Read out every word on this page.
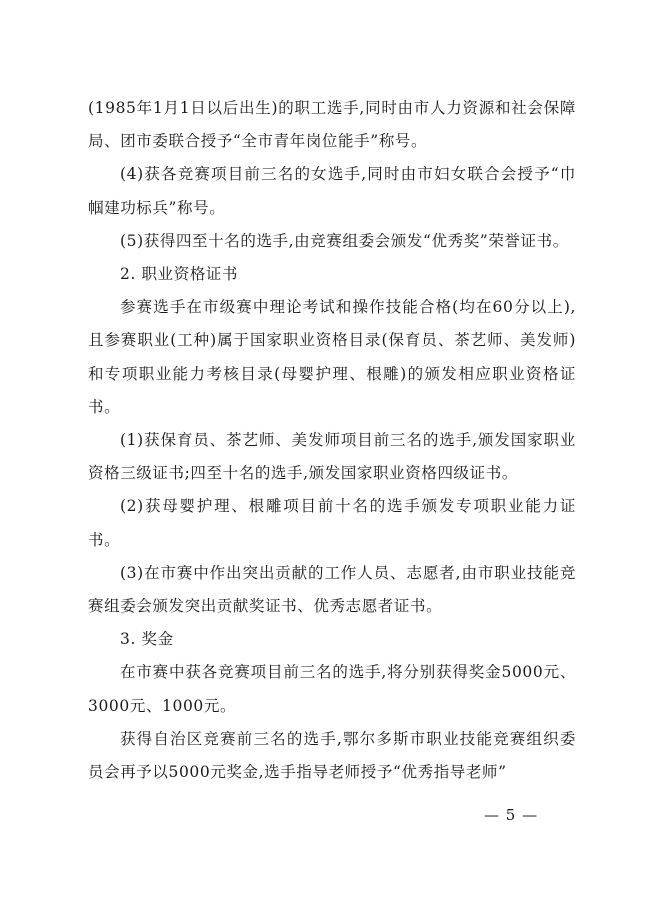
(1985年1月1日以后出生)的职工选手,同时由市人力资源和社会保障局、团市委联合授予“全市青年岗位能手”称号。

(4)获各竞赛项目前三名的女选手,同时由市妇女联合会授予“巾帼建功标兵”称号。

(5)获得四至十名的选手,由竞赛组委会颁发“优秀奖”荣誉证书。

2. 职业资格证书

参赛选手在市级赛中理论考试和操作技能合格(均在60分以上),且参赛职业(工种)属于国家职业资格目录(保育员、茶艺师、美发师)和专项职业能力考核目录(母婴护理、根雕)的颁发相应职业资格证书。

(1)获保育员、茶艺师、美发师项目前三名的选手,颁发国家职业资格三级证书;四至十名的选手,颁发国家职业资格四级证书。

(2)获母婴护理、根雕项目前十名的选手颁发专项职业能力证书。

(3)在市赛中作出突出贡献的工作人员、志愿者,由市职业技能竞赛组委会颁发突出贡献奖证书、优秀志愿者证书。

3. 奖金

在市赛中获各竞赛项目前三名的选手,将分别获得奖金5000元、3000元、1000元。

获得自治区竞赛前三名的选手,鄂尔多斯市职业技能竞赛组织委员会再予以5000元奖金,选手指导老师授予“优秀指导老师”

— 5 —
